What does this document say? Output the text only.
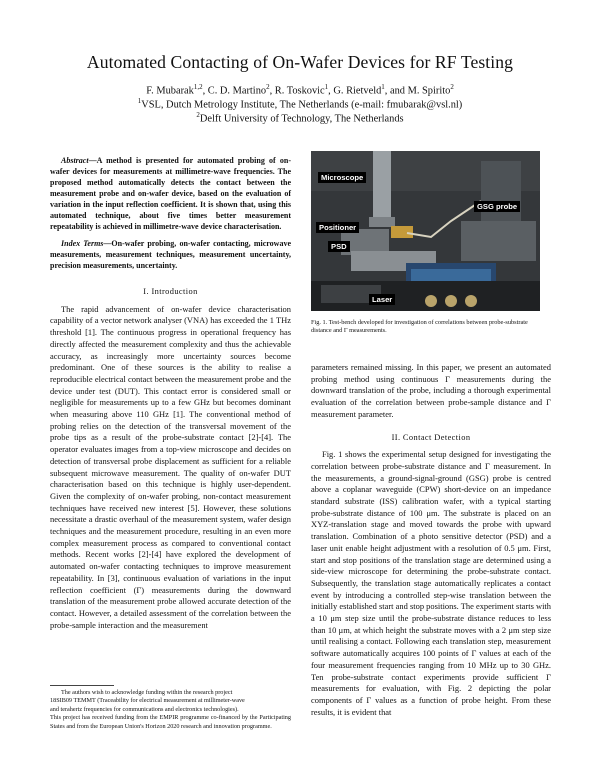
Automated Contacting of On-Wafer Devices for RF Testing
F. Mubarak$^{1,2}$, C. D. Martino$^2$, R. Toskovic$^1$, G. Rietveld$^1$, and M. Spirito$^2$
$^1$VSL, Dutch Metrology Institute, The Netherlands (e-mail: fmubarak@vsl.nl)
$^2$Delft University of Technology, The Netherlands

Abstract—A method is presented for automated probing of on-wafer devices for measurements at millimetre-wave frequencies. The proposed method automatically detects the contact between the measurement probe and on-wafer device, based on the evaluation of variation in the input reflection coefficient. It is shown that, using this automated technique, about five times better measurement repeatability is achieved in millimetre-wave device characterisation.

Index Terms—On-wafer probing, on-wafer contacting, microwave measurements, measurement techniques, measurement uncertainty, precision measurements, uncertainty.

I. Introduction

The rapid advancement of on-wafer device characterisation capability of a vector network analyser (VNA) has exceeded the 1 THz threshold [1]. The continuous progress in operational frequency has directly affected the measurement complexity and thus the achievable accuracy, as increasingly more uncertainty sources become predominant. One of these sources is the ability to realise a reproducible electrical contact between the measurement probe and the device under test (DUT). This contact error is considered small or negligible for measurements up to a few GHz but becomes dominant when measuring above 110 GHz [1]. The conventional method of probing relies on the detection of the transversal movement of the probe tips as a result of the probe-substrate contact [2]-[4]. The operator evaluates images from a top-view microscope and decides on detection of transversal probe displacement as sufficient for a reliable subsequent microwave measurement. The quality of on-wafer DUT characterisation based on this technique is highly user-dependent. Given the complexity of on-wafer probing, non-contact measurement techniques have received new interest [5]. However, these solutions necessitate a drastic overhaul of the measurement system, wafer design techniques and the measurement procedure, resulting in an even more complex measurement process as compared to conventional contact methods. Recent works [2]-[4] have explored the development of automated on-wafer contacting techniques to improve measurement repeatability. In [3], continuous evaluation of variations in the input reflection coefficient (Γ) measurements during the downward translation of the measurement probe allowed accurate detection of the contact. However, a detailed assessment of the correlation between the probe-sample interaction and the measurement

The authors wish to acknowledge funding within the research project
18SIB09 TEMMT (Traceability for electrical measurement at millimeter-wave
and terahertz frequencies for communications and electronics technologies).
This project has received funding from the EMPIR programme co-financed by the Participating States and from the European Union's Horizon 2020 research and innovation programme.
Microscope
GSG probe
Positioner
PSD
Laser
Fig. 1. Test-bench developed for investigation of correlations between probe-substrate distance and Γ measurements.

parameters remained missing. In this paper, we present an automated probing method using continuous Γ measurements during the downward translation of the probe, including a thorough experimental evaluation of the correlation between probe-sample distance and Γ measurement parameter.

II. Contact Detection

Fig. 1 shows the experimental setup designed for investigating the correlation between probe-substrate distance and Γ measurement. In the measurements, a ground-signal-ground (GSG) probe is centred above a coplanar waveguide (CPW) short-device on an impedance standard substrate (ISS) calibration wafer, with a typical starting probe-substrate distance of 100 μm. The substrate is placed on an XYZ-translation stage and moved towards the probe with upward translation. Combination of a photo sensitive detector (PSD) and a laser unit enable height adjustment with a resolution of 0.5 μm. First, start and stop positions of the translation stage are determined using a side-view microscope for determining the probe-substrate contact. Subsequently, the translation stage automatically replicates a contact event by introducing a controlled step-wise translation between the initially established start and stop positions. The experiment starts with a 10 μm step size until the probe-substrate distance reduces to less than 10 μm, at which height the substrate moves with a 2 μm step size until realising a contact. Following each translation step, measurement software automatically acquires 100 points of Γ values at each of the four measurement frequencies ranging from 10 MHz up to 30 GHz. Ten probe-substrate contact experiments provide sufficient Γ measurements for evaluation, with Fig. 2 depicting the polar components of Γ values as a function of probe height. From these results, it is evident that
